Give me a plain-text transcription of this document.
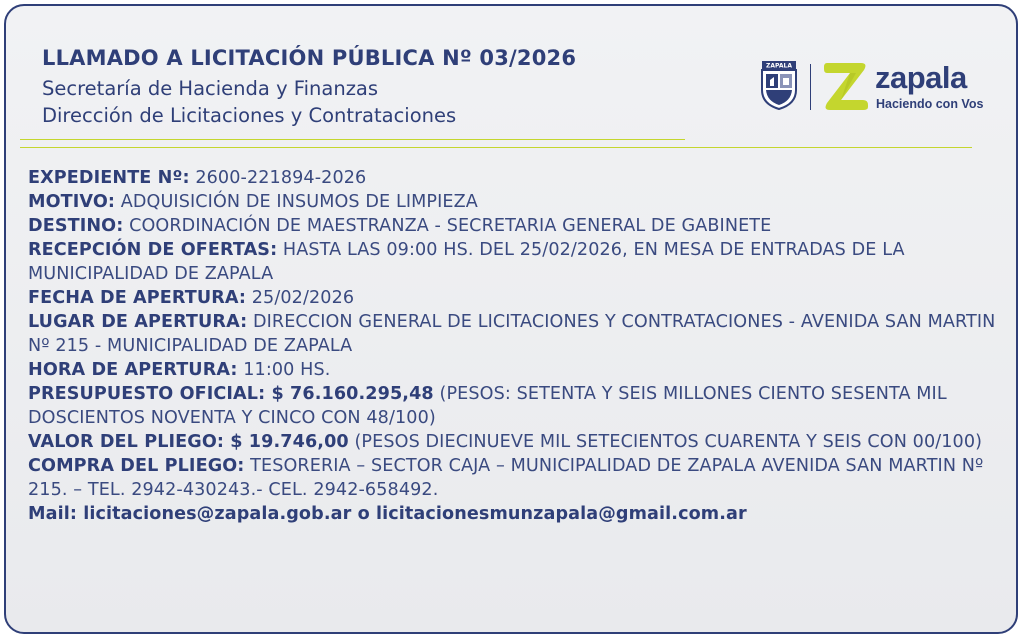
LLAMADO A LICITACIÓN PÚBLICA Nº 03/2026
Secretaría de Hacienda y Finanzas
Dirección de Licitaciones y Contrataciones
ZAPALA	zapala
Haciendo con Vos

EXPEDIENTE Nº: 2600-221894-2026

MOTIVO: ADQUISICIÓN DE INSUMOS DE LIMPIEZA

DESTINO: COORDINACIÓN DE MAESTRANZA - SECRETARIA GENERAL DE GABINETE

RECEPCIÓN DE OFERTAS: HASTA LAS 09:00 HS. DEL 25/02/2026, EN MESA DE ENTRADAS DE LA MUNICIPALIDAD DE ZAPALA

FECHA DE APERTURA: 25/02/2026

LUGAR DE APERTURA: DIRECCION GENERAL DE LICITACIONES Y CONTRATACIONES - AVENIDA SAN MARTIN Nº 215 - MUNICIPALIDAD DE ZAPALA

HORA DE APERTURA: 11:00 HS.

PRESUPUESTO OFICIAL: $ 76.160.295,48 (PESOS: SETENTA Y SEIS MILLONES CIENTO SESENTA MIL DOSCIENTOS NOVENTA Y CINCO CON 48/100)

VALOR DEL PLIEGO: $ 19.746,00 (PESOS DIECINUEVE MIL SETECIENTOS CUARENTA Y SEIS CON 00/100)

COMPRA DEL PLIEGO: TESORERIA – SECTOR CAJA – MUNICIPALIDAD DE ZAPALA AVENIDA SAN MARTIN Nº 215. – TEL. 2942-430243.- CEL. 2942-658492.

Mail: licitaciones@zapala.gob.ar o licitacionesmunzapala@gmail.com.ar
